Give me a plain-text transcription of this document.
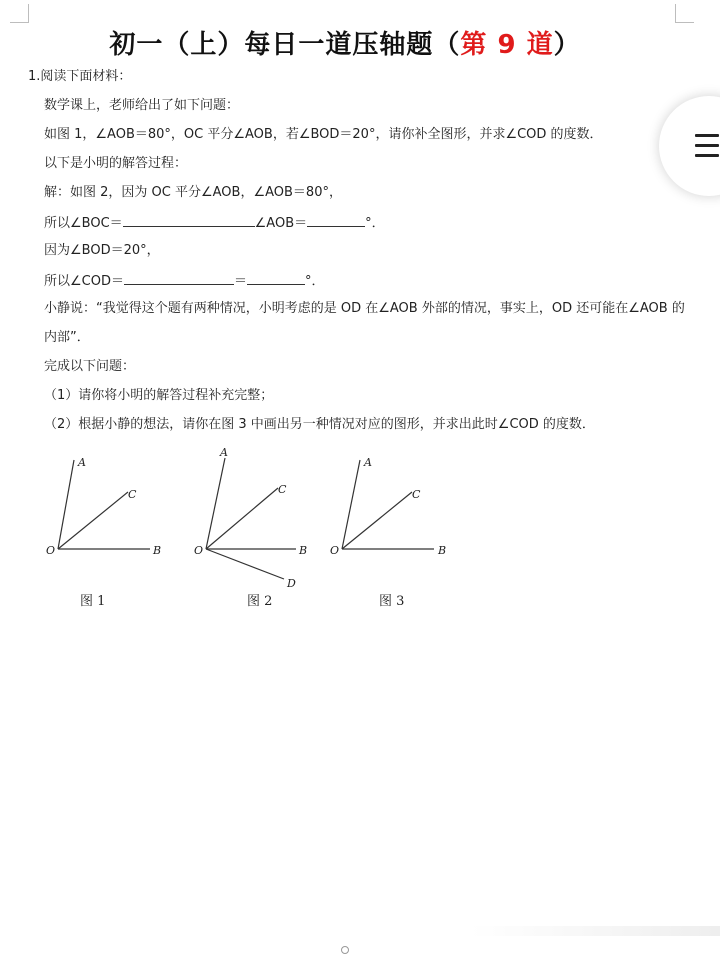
初一（上）每日一道压轴题（第 9 道）
1.阅读下面材料：
数学课上，老师给出了如下问题：
如图 1，∠AOB＝80°，OC 平分∠AOB，若∠BOD＝20°，请你补全图形，并求∠COD 的度数．
以下是小明的解答过程：
解：如图 2，因为 OC 平分∠AOB，∠AOB＝80°，
所以∠BOC＝	∠AOB＝	°．
因为∠BOD＝20°，
所以∠COD＝	＝	°．
小静说：“我觉得这个题有两种情况，小明考虑的是 OD 在∠AOB 外部的情况，事实上，OD 还可能在∠AOB 的
内部”．
完成以下问题：
（1）请你将小明的解答过程补充完整；
（2）根据小静的想法，请你在图 3 中画出另一种情况对应的图形，并求出此时∠COD 的度数．
A
C
O	B
图 1
A
C
O	B
D
图 2
A
C
O	B
图 3
